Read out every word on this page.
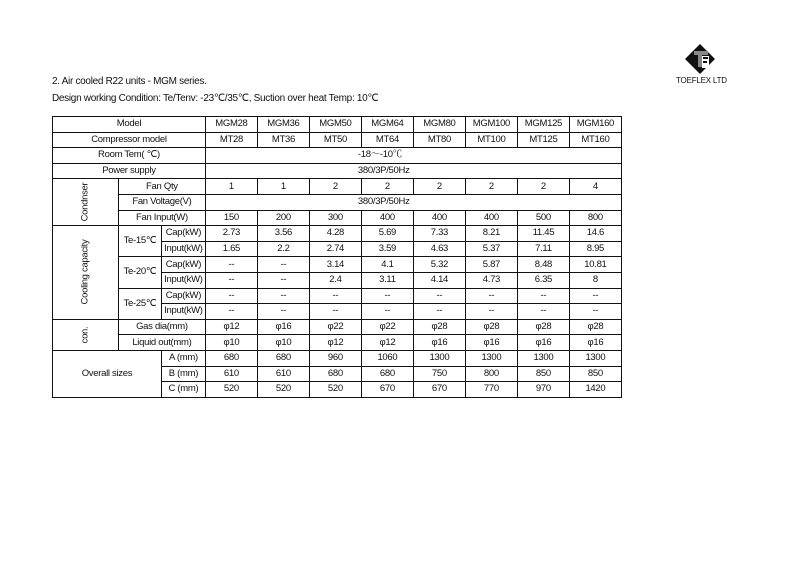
2. Air cooled R22 units - MGM series.
Design working Condition: Te/Tenv: -23℃/35℃, Suction over heat Temp: 10℃
TOEFLEX LTD
Model			MGM28	MGM36	MGM50	MGM64	MGM80	MGM100	MGM125	MGM160
Compressor model			MT28	MT36	MT50	MT64	MT80	MT100	MT125	MT160
Room Tem( ℃)			-18～-10℃							
Power supply			380/3P/50Hz							
Condnser	Fan Qty		1	1	2	2	2	2	2	4
	Fan Voltage(V)		380/3P/50Hz							
	Fan Input(W)		150	200	300	400	400	400	500	800
Cooling capacity	Te-15℃	Cap(kW)	2.73	3.56	4.28	5.69	7.33	8.21	11.45	14.6
		Input(kW)	1.65	2.2	2.74	3.59	4.63	5.37	7.11	8.95
	Te-20℃	Cap(kW)	--	--	3.14	4.1	5.32	5.87	8.48	10.81
		Input(kW)	--	--	2.4	3.11	4.14	4.73	6.35	8
	Te-25℃	Cap(kW)	--	--	--	--	--	--	--	--
		Input(kW)	--	--	--	--	--	--	--	--
con.	Gas dia(mm)		φ12	φ16	φ22	φ22	φ28	φ28	φ28	φ28
	Liquid out(mm)		φ10	φ10	φ12	φ12	φ16	φ16	φ16	φ16
Overall sizes		A (mm)	680	680	960	1060	1300	1300	1300	1300
		B (mm)	610	610	680	680	750	800	850	850
		C (mm)	520	520	520	670	670	770	970	1420
